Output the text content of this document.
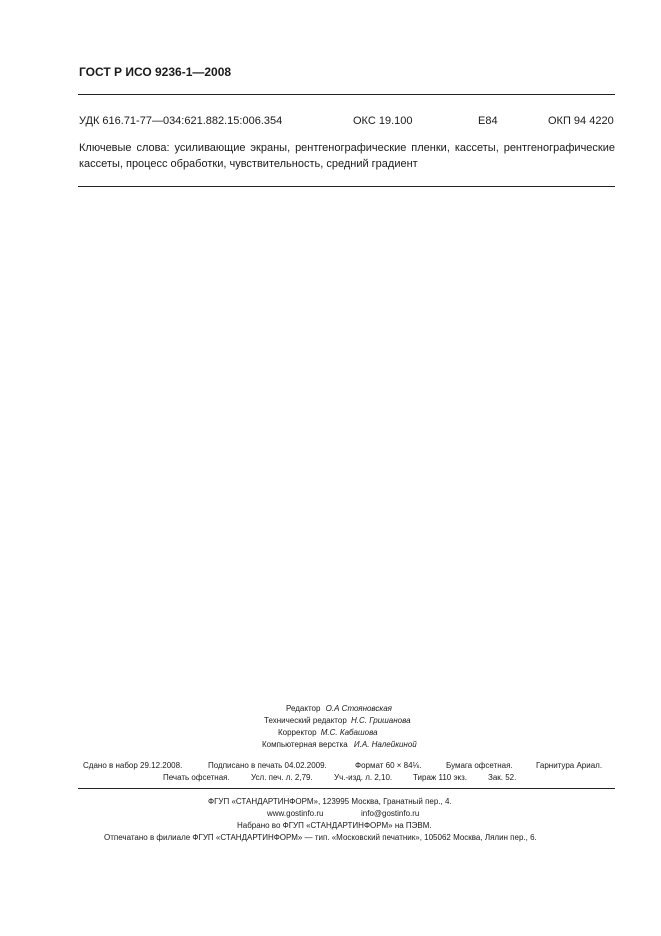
ГОСТ Р ИСО 9236-1—2008
УДК 616.71-77—034:621.882.15:006.354	ОКС 19.100	Е84	ОКП 94 4220
Ключевые слова: усиливающие экраны, рентгенографические пленки, кассеты, рентгенографические кассеты, процесс обработки, чувствительность, средний градиент
Редактор О.А Стояновская
Технический редактор Н.С. Гришанова
Корректор М.С. Кабашова
Компьютерная верстка И.А. Налейкиной
Сдано в набор 29.12.2008.	Подписано в печать 04.02.2009.	Формат 60 × 84⅛.	Бумага офсетная.	Гарнитура Ариал.
Печать офсетная.	Усл. печ. л. 2,79.	Уч.-изд. л. 2,10.	Тираж 110 экз.	Зак. 52.
ФГУП «СТАНДАРТИНФОРМ», 123995 Москва, Гранатный пер., 4.
www.gostinfo.ru	info@gostinfo.ru
Набрано во ФГУП «СТАНДАРТИНФОРМ» на ПЭВМ.
Отпечатано в филиале ФГУП «СТАНДАРТИНФОРМ» — тип. «Московский печатник», 105062 Москва, Лялин пер., 6.
